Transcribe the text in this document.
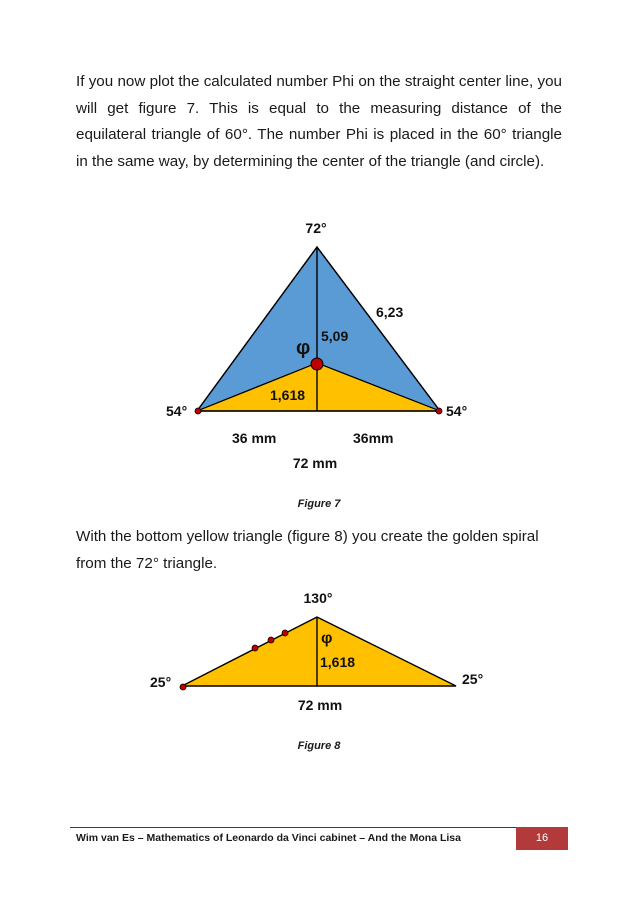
If you now plot the calculated number Phi on the straight center line, you will get figure 7. This is equal to the measuring distance of the equilateral triangle of 60°. The number Phi is placed in the 60° triangle in the same way, by determining the center of the triangle (and circle).

72°
6,23
5,09
φ
1,618
54°	54°
36 mm	36mm
72 mm
Figure 7

With the bottom yellow triangle (figure 8) you create the golden spiral from the 72° triangle.

130°
φ
1,618
25°	25°
72 mm
Figure 8
Wim van Es – Mathematics of Leonardo da Vinci cabinet – And the Mona Lisa	16
